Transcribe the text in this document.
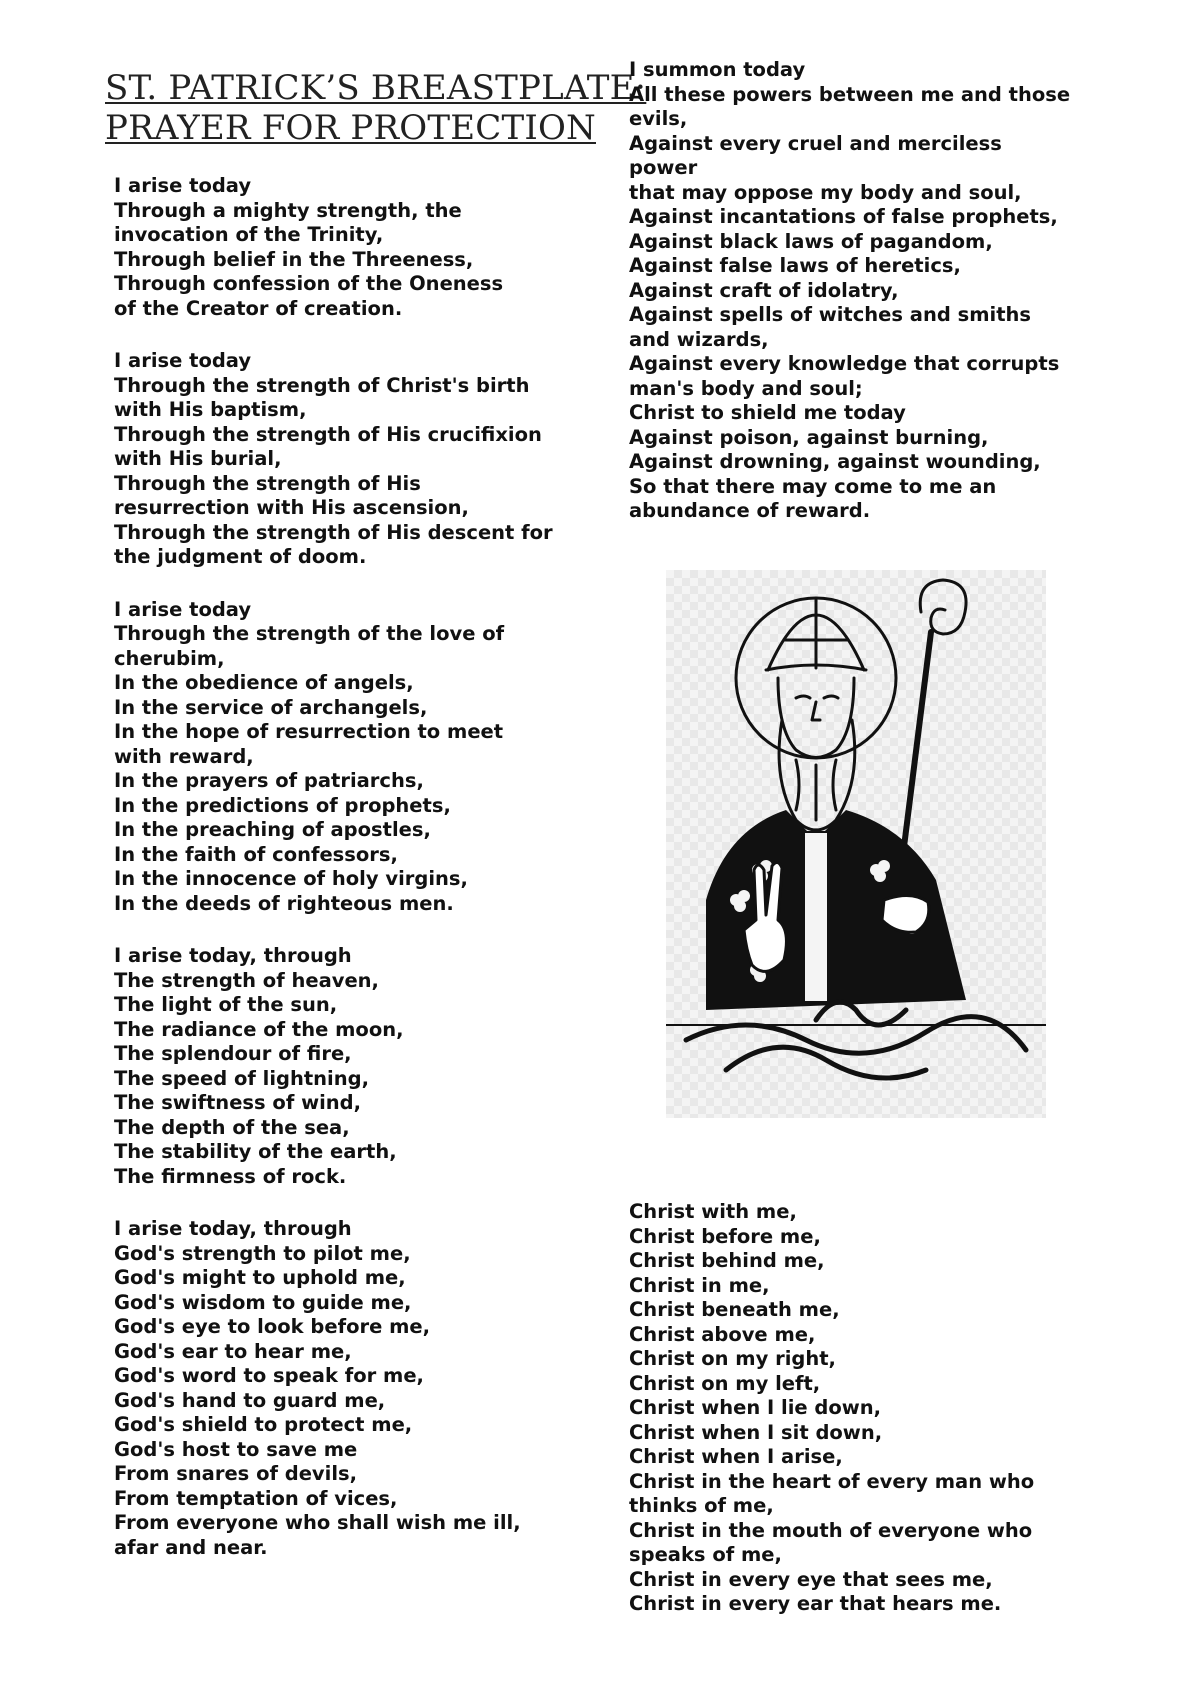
ST. PATRICK’S BREASTPLATE:
PRAYER FOR PROTECTION
I arise today
Through a mighty strength, the
invocation of the Trinity,
Through belief in the Threeness,
Through confession of the Oneness
of the Creator of creation.
I arise today
Through the strength of Christ's birth
with His baptism,
Through the strength of His crucifixion
with His burial,
Through the strength of His
resurrection with His ascension,
Through the strength of His descent for
the judgment of doom.
I arise today
Through the strength of the love of
cherubim,
In the obedience of angels,
In the service of archangels,
In the hope of resurrection to meet
with reward,
In the prayers of patriarchs,
In the predictions of prophets,
In the preaching of apostles,
In the faith of confessors,
In the innocence of holy virgins,
In the deeds of righteous men.
I arise today, through
The strength of heaven,
The light of the sun,
The radiance of the moon,
The splendour of fire,
The speed of lightning,
The swiftness of wind,
The depth of the sea,
The stability of the earth,
The firmness of rock.
I arise today, through
God's strength to pilot me,
God's might to uphold me,
God's wisdom to guide me,
God's eye to look before me,
God's ear to hear me,
God's word to speak for me,
God's hand to guard me,
God's shield to protect me,
God's host to save me
From snares of devils,
From temptation of vices,
From everyone who shall wish me ill,
afar and near.
I summon today
All these powers between me and those
evils,
Against every cruel and merciless
power
that may oppose my body and soul,
Against incantations of false prophets,
Against black laws of pagandom,
Against false laws of heretics,
Against craft of idolatry,
Against spells of witches and smiths
and wizards,
Against every knowledge that corrupts
man's body and soul;
Christ to shield me today
Against poison, against burning,
Against drowning, against wounding,
So that there may come to me an
abundance of reward.
Christ with me,
Christ before me,
Christ behind me,
Christ in me,
Christ beneath me,
Christ above me,
Christ on my right,
Christ on my left,
Christ when I lie down,
Christ when I sit down,
Christ when I arise,
Christ in the heart of every man who
thinks of me,
Christ in the mouth of everyone who
speaks of me,
Christ in every eye that sees me,
Christ in every ear that hears me.
